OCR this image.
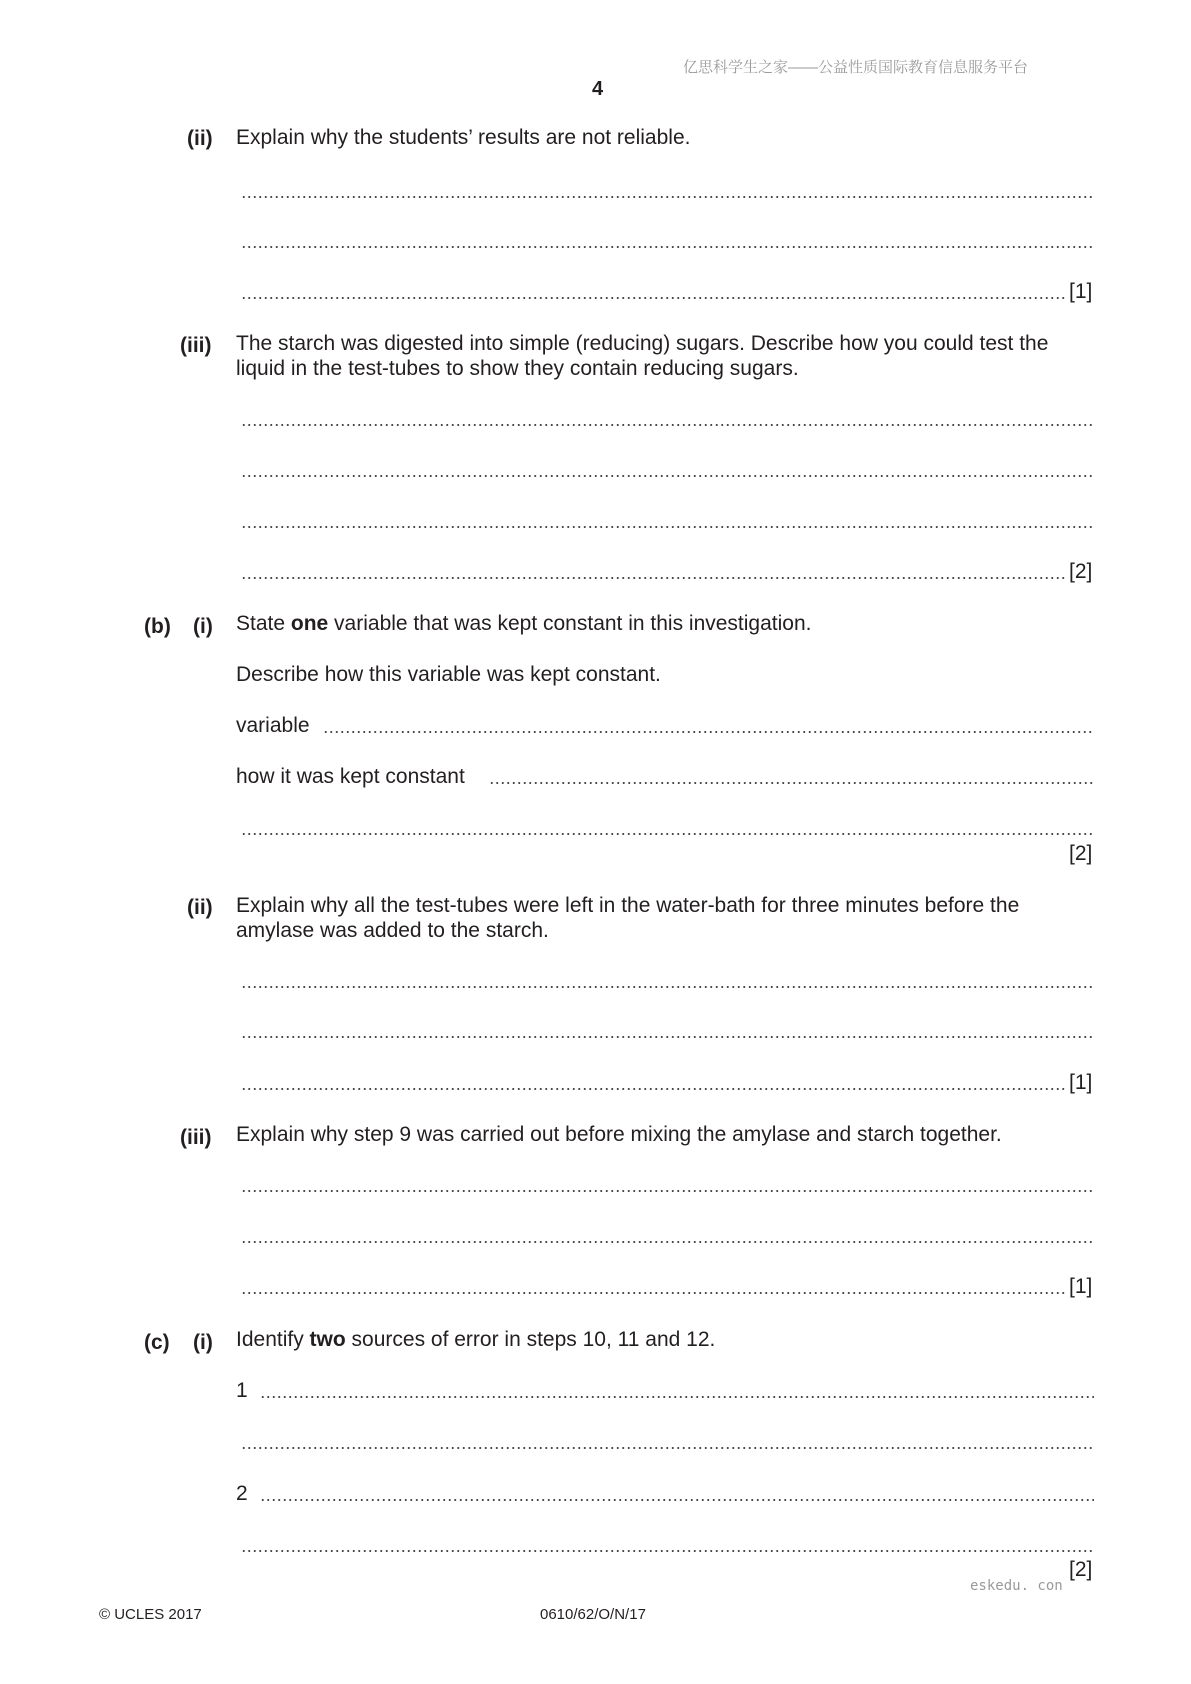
亿思科学生之家——公益性质国际教育信息服务平台
4
(ii) Explain why the students’ results are not reliable.
[1]
(iii) The starch was digested into simple (reducing) sugars. Describe how you could test the
liquid in the test-tubes to show they contain reducing sugars.
[2]
(b) (i) State one variable that was kept constant in this investigation.
Describe how this variable was kept constant.
variable
how it was kept constant
[2]
(ii) Explain why all the test-tubes were left in the water-bath for three minutes before the
amylase was added to the starch.
[1]
(iii) Explain why step 9 was carried out before mixing the amylase and starch together.
[1]
(c) (i) Identify two sources of error in steps 10, 11 and 12.
1
2
[2]
eskedu. con
© UCLES 2017	0610/62/O/N/17
